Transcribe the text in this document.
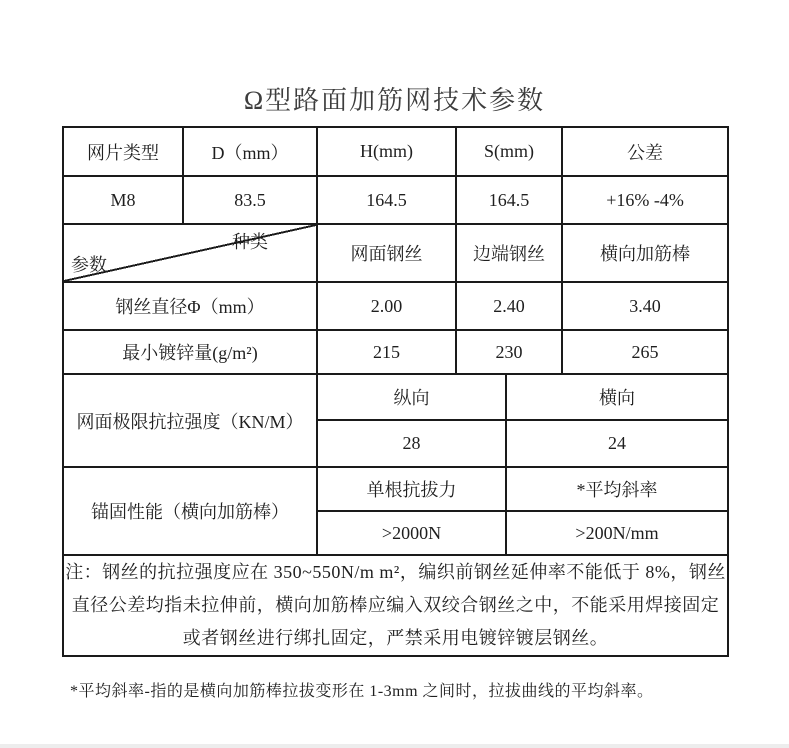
Ω型路面加筋网技术参数
网片类型	D（mm）	H(mm)	S(mm)		公差
M8	83.5	164.5	164.5		+16% -4%

种类
参数		网面钢丝	边端钢丝		横向加筋棒
钢丝直径Φ（mm）		2.00	2.40		3.40
最小镀锌量(g/m²)		215	230		265
网面极限抗拉强度（KN/M）		纵向		横向	
		28		24	
锚固性能（横向加筋棒）		单根抗拔力		*平均斜率	
		>2000N		>200N/mm	
注：钢丝的抗拉强度应在 350~550N/m m²，编织前钢丝延伸率不能低于 8%，钢丝直径公差均指未拉伸前，横向加筋棒应编入双绞合钢丝之中，不能采用焊接固定或者钢丝进行绑扎固定，严禁采用电镀锌镀层钢丝。					
*平均斜率-指的是横向加筋棒拉拔变形在 1-3mm 之间时，拉拔曲线的平均斜率。
